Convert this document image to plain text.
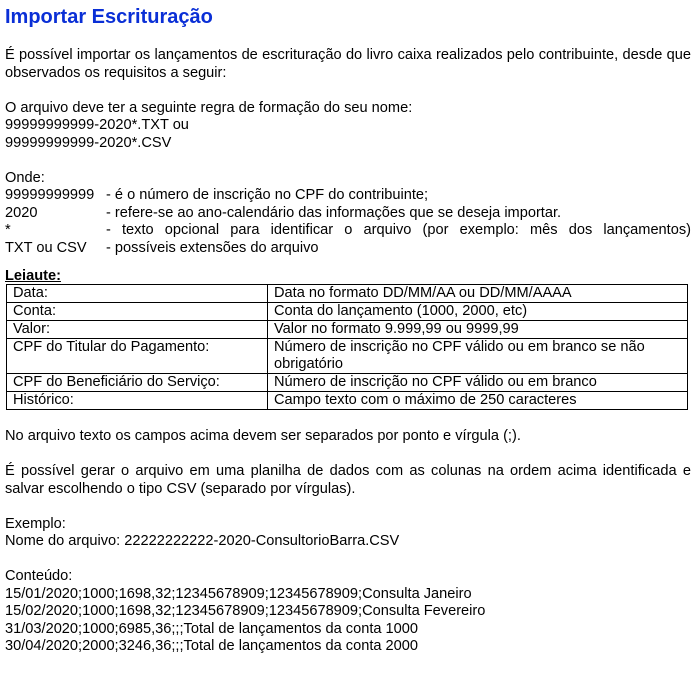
Importar Escrituração

É possível importar os lançamentos de escrituração do livro caixa realizados pelo contribuinte, desde que observados os requisitos a seguir:

O arquivo deve ter a seguinte regra de formação do seu nome:
99999999999-2020*.TXT ou
99999999999-2020*.CSV
Onde:
99999999999	- é o número de inscrição no CPF do contribuinte;
2020	- refere-se ao ano-calendário das informações que se deseja importar.
*	- texto opcional para identificar o arquivo (por exemplo: mês dos lançamentos)
TXT ou CSV	- possíveis extensões do arquivo
Leiaute:
Data:	Data no formato DD/MM/AA ou DD/MM/AAAA
Conta:	Conta do lançamento (1000, 2000, etc)
Valor:	Valor no formato 9.999,99 ou 9999,99
CPF do Titular do Pagamento:	Número de inscrição no CPF válido ou em branco se não obrigatório
CPF do Beneficiário do Serviço:	Número de inscrição no CPF válido ou em branco
Histórico:	Campo texto com o máximo de 250 caracteres

No arquivo texto os campos acima devem ser separados por ponto e vírgula (;).

É possível gerar o arquivo em uma planilha de dados com as colunas na ordem acima identificada e salvar escolhendo o tipo CSV (separado por vírgulas).

Exemplo:
Nome do arquivo: 22222222222-2020-ConsultorioBarra.CSV
Conteúdo:
15/01/2020;1000;1698,32;12345678909;12345678909;Consulta Janeiro
15/02/2020;1000;1698,32;12345678909;12345678909;Consulta Fevereiro
31/03/2020;1000;6985,36;;;Total de lançamentos da conta 1000
30/04/2020;2000;3246,36;;;Total de lançamentos da conta 2000
